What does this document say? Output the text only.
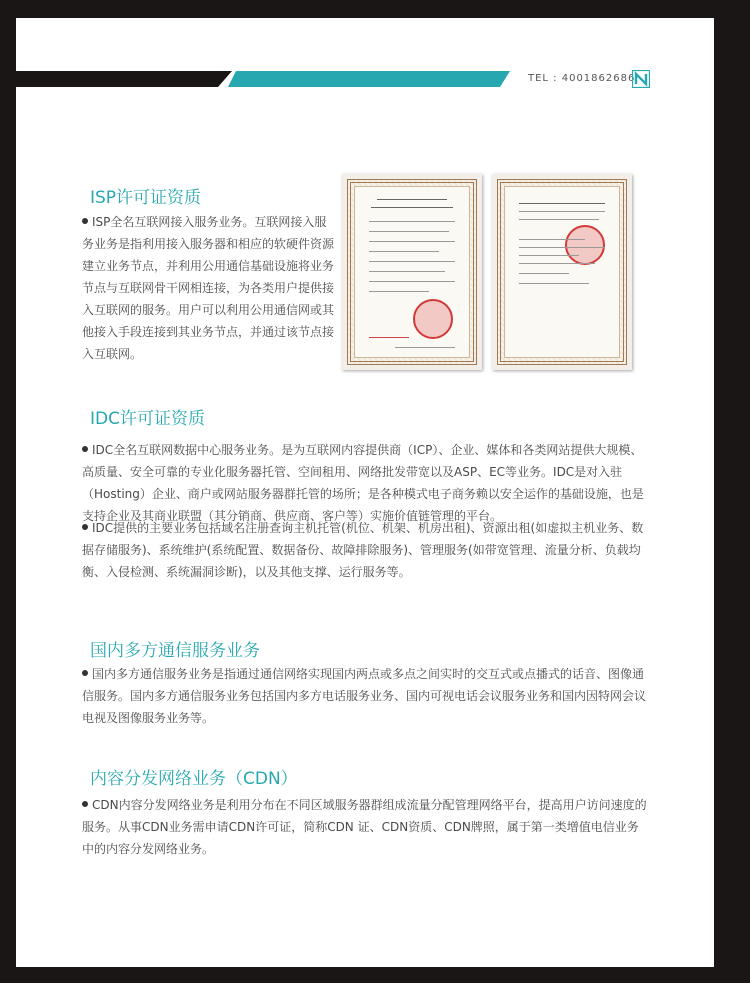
TEL : 4001862686
ISP许可证资质

ISP全名互联网接入服务业务。互联网接入服务业务是指利用接入服务器和相应的软硬件资源建立业务节点，并利用公用通信基础设施将业务节点与互联网骨干网相连接，为各类用户提供接入互联网的服务。用户可以利用公用通信网或其他接入手段连接到其业务节点，并通过该节点接入互联网。

IDC许可证资质

IDC全名互联网数据中心服务业务。是为互联网内容提供商（ICP）、企业、媒体和各类网站提供大规模、高质量、安全可靠的专业化服务器托管、空间租用、网络批发带宽以及ASP、EC等业务。IDC是对入驻（Hosting）企业、商户或网站服务器群托管的场所；是各种模式电子商务赖以安全运作的基础设施，也是支持企业及其商业联盟（其分销商、供应商、客户等）实施价值链管理的平台。

IDC提供的主要业务包括域名注册查询主机托管(机位、机架、机房出租)、资源出租(如虚拟主机业务、数据存储服务)、系统维护(系统配置、数据备份、故障排除服务)、管理服务(如带宽管理、流量分析、负载均衡、入侵检测、系统漏洞诊断)，以及其他支撑、运行服务等。

国内多方通信服务业务

国内多方通信服务业务是指通过通信网络实现国内两点或多点之间实时的交互式或点播式的话音、图像通信服务。国内多方通信服务业务包括国内多方电话服务业务、国内可视电话会议服务业务和国内因特网会议电视及图像服务业务等。

内容分发网络业务（CDN）

CDN内容分发网络业务是利用分布在不同区域服务器群组成流量分配管理网络平台，提高用户访问速度的服务。从事CDN业务需申请CDN许可证，简称CDN 证、CDN资质、CDN牌照，属于第一类增值电信业务中的内容分发网络业务。
